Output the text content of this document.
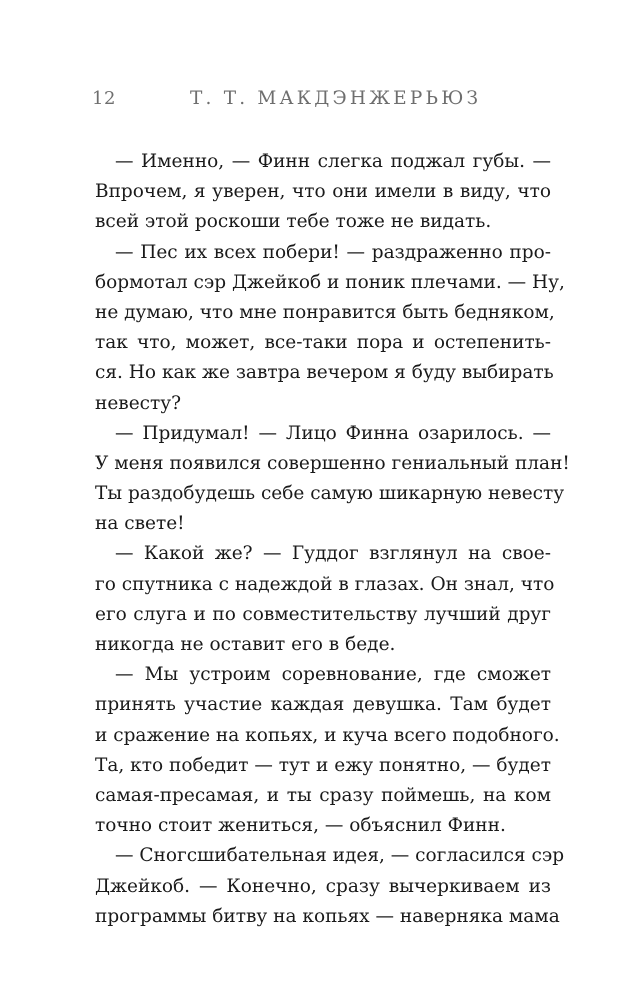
12	Т. Т. МАКДЭНЖЕРЬЮЗ
— Именно, — Финн слегка поджал губы. —
Впрочем, я уверен, что они имели в виду, что
всей этой роскоши тебе тоже не видать.
— Пес их всех побери! — раздраженно про-
бормотал сэр Джейкоб и поник плечами. — Ну,
не думаю, что мне понравится быть бедняком,
так что, может, все-таки пора и остепенить-
ся. Но как же завтра вечером я буду выбирать
невесту?
— Придумал! — Лицо Финна озарилось. —
У меня появился совершенно гениальный план!
Ты раздобудешь себе самую шикарную невесту
на свете!
— Какой же? — Гуддог взглянул на свое-
го спутника с надеждой в глазах. Он знал, что
его слуга и по совместительству лучший друг
никогда не оставит его в беде.
— Мы устроим соревнование, где сможет
принять участие каждая девушка. Там будет
и сражение на копьях, и куча всего подобного.
Та, кто победит — тут и ежу понятно, — будет
самая-пресамая, и ты сразу поймешь, на ком
точно стоит жениться, — объяснил Финн.
— Сногсшибательная идея, — согласился сэр
Джейкоб. — Конечно, сразу вычеркиваем из
программы битву на копьях — наверняка мама
